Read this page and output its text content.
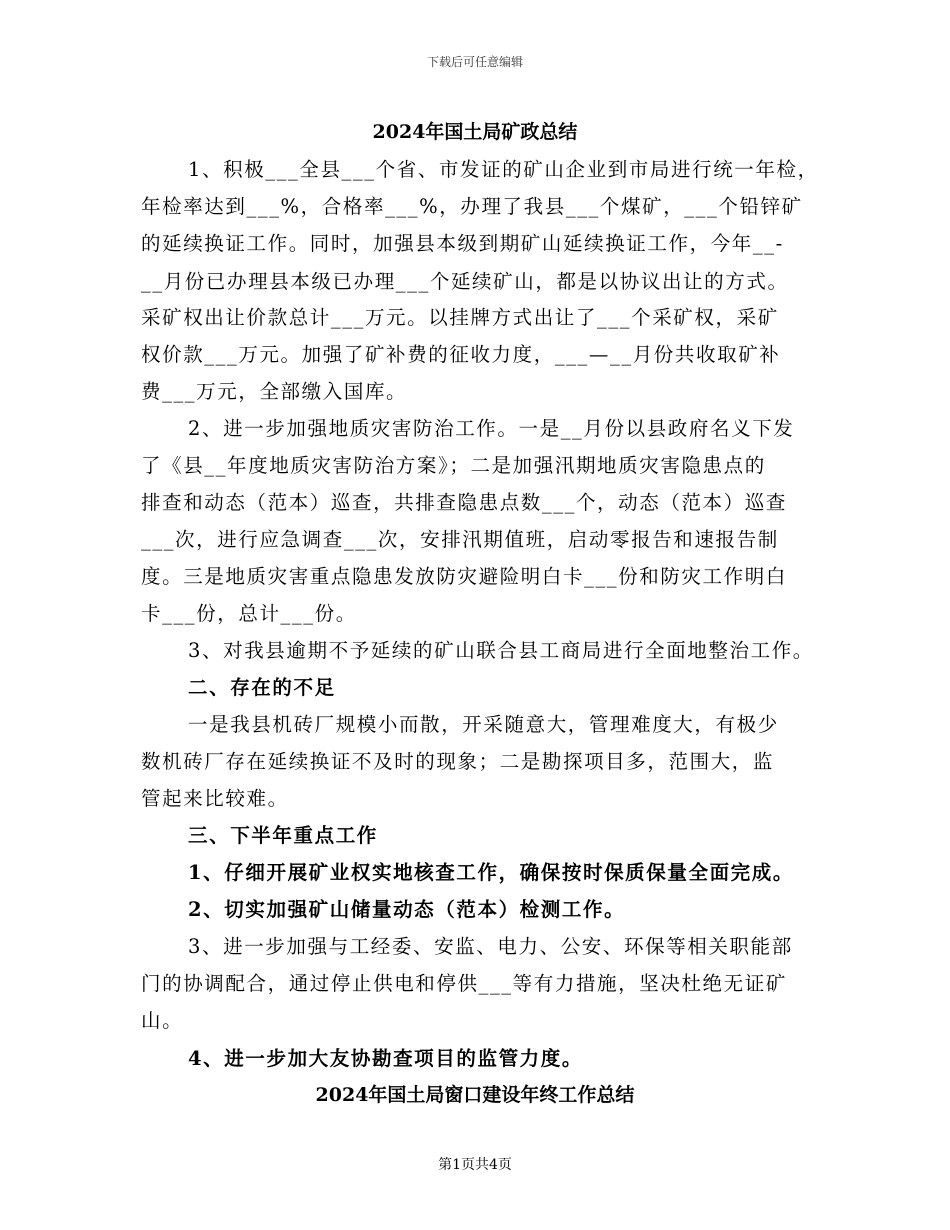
下载后可任意编辑
2024年国土局矿政总结
1、积极___全县___个省、市发证的矿山企业到市局进行统一年检，
年检率达到___%，合格率___%，办理了我县___个煤矿，___个铅锌矿
的延续换证工作。同时，加强县本级到期矿山延续换证工作，今年__-
__月份已办理县本级已办理___个延续矿山，都是以协议出让的方式。
采矿权出让价款总计___万元。以挂牌方式出让了___个采矿权，采矿
权价款___万元。加强了矿补费的征收力度，___—__月份共收取矿补
费___万元，全部缴入国库。
2、进一步加强地质灾害防治工作。一是__月份以县政府名义下发
了《县__年度地质灾害防治方案》；二是加强汛期地质灾害隐患点的
排查和动态（范本）巡查，共排查隐患点数___个，动态（范本）巡查
___次，进行应急调查___次，安排汛期值班，启动零报告和速报告制
度。三是地质灾害重点隐患发放防灾避险明白卡___份和防灾工作明白
卡___份，总计___份。
3、对我县逾期不予延续的矿山联合县工商局进行全面地整治工作。
二、存在的不足
一是我县机砖厂规模小而散，开采随意大，管理难度大，有极少
数机砖厂存在延续换证不及时的现象；二是勘探项目多，范围大，监
管起来比较难。
三、下半年重点工作
1、仔细开展矿业权实地核查工作，确保按时保质保量全面完成。
2、切实加强矿山储量动态（范本）检测工作。
3、进一步加强与工经委、安监、电力、公安、环保等相关职能部
门的协调配合，通过停止供电和停供___等有力措施，坚决杜绝无证矿
山。
4、进一步加大友协勘查项目的监管力度。
2024年国土局窗口建设年终工作总结
第1页共4页
